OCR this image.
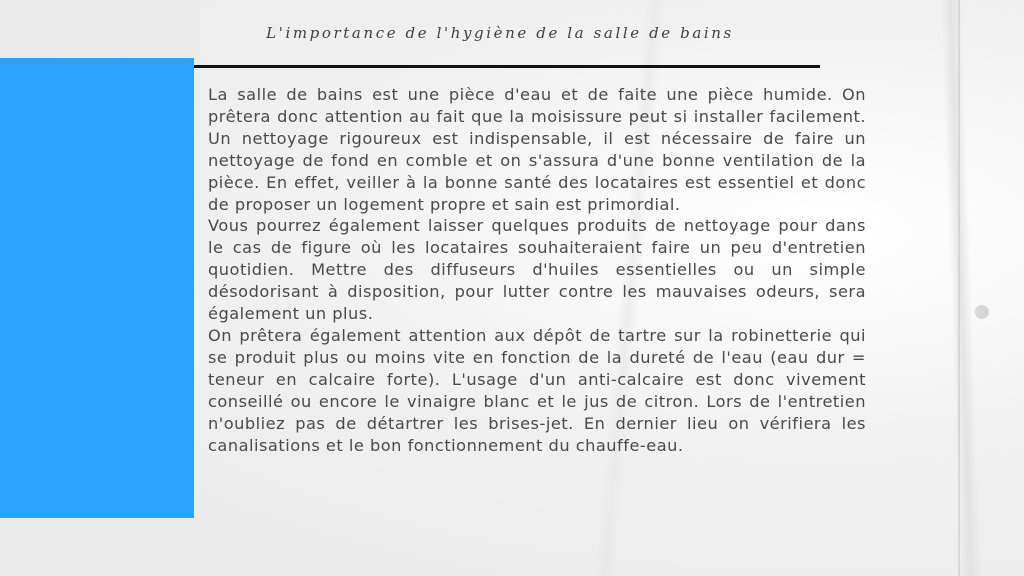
L'importance de l'hygiène de la salle de bains

La salle de bains est une pièce d'eau et de faite une pièce humide. On prêtera donc attention au fait que la moisissure peut si installer facilement. Un nettoyage rigoureux est indispensable, il est nécessaire de faire un nettoyage de fond en comble et on s'assura d'une bonne ventilation de la pièce. En effet, veiller à la bonne santé des locataires est essentiel et donc de proposer un logement propre et sain est primordial.

Vous pourrez également laisser quelques produits de nettoyage pour dans le cas de figure où les locataires souhaiteraient faire un peu d'entretien quotidien. Mettre des diffuseurs d'huiles essentielles ou un simple désodorisant à disposition, pour lutter contre les mauvaises odeurs, sera également un plus.

On prêtera également attention aux dépôt de tartre sur la robinetterie qui se produit plus ou moins vite en fonction de la dureté de l'eau (eau dur = teneur en calcaire forte). L'usage d'un anti-calcaire est donc vivement conseillé ou encore le vinaigre blanc et le jus de citron. Lors de l'entretien n'oubliez pas de détartrer les brises-jet. En dernier lieu on vérifiera les canalisations et le bon fonctionnement du chauffe-eau.
